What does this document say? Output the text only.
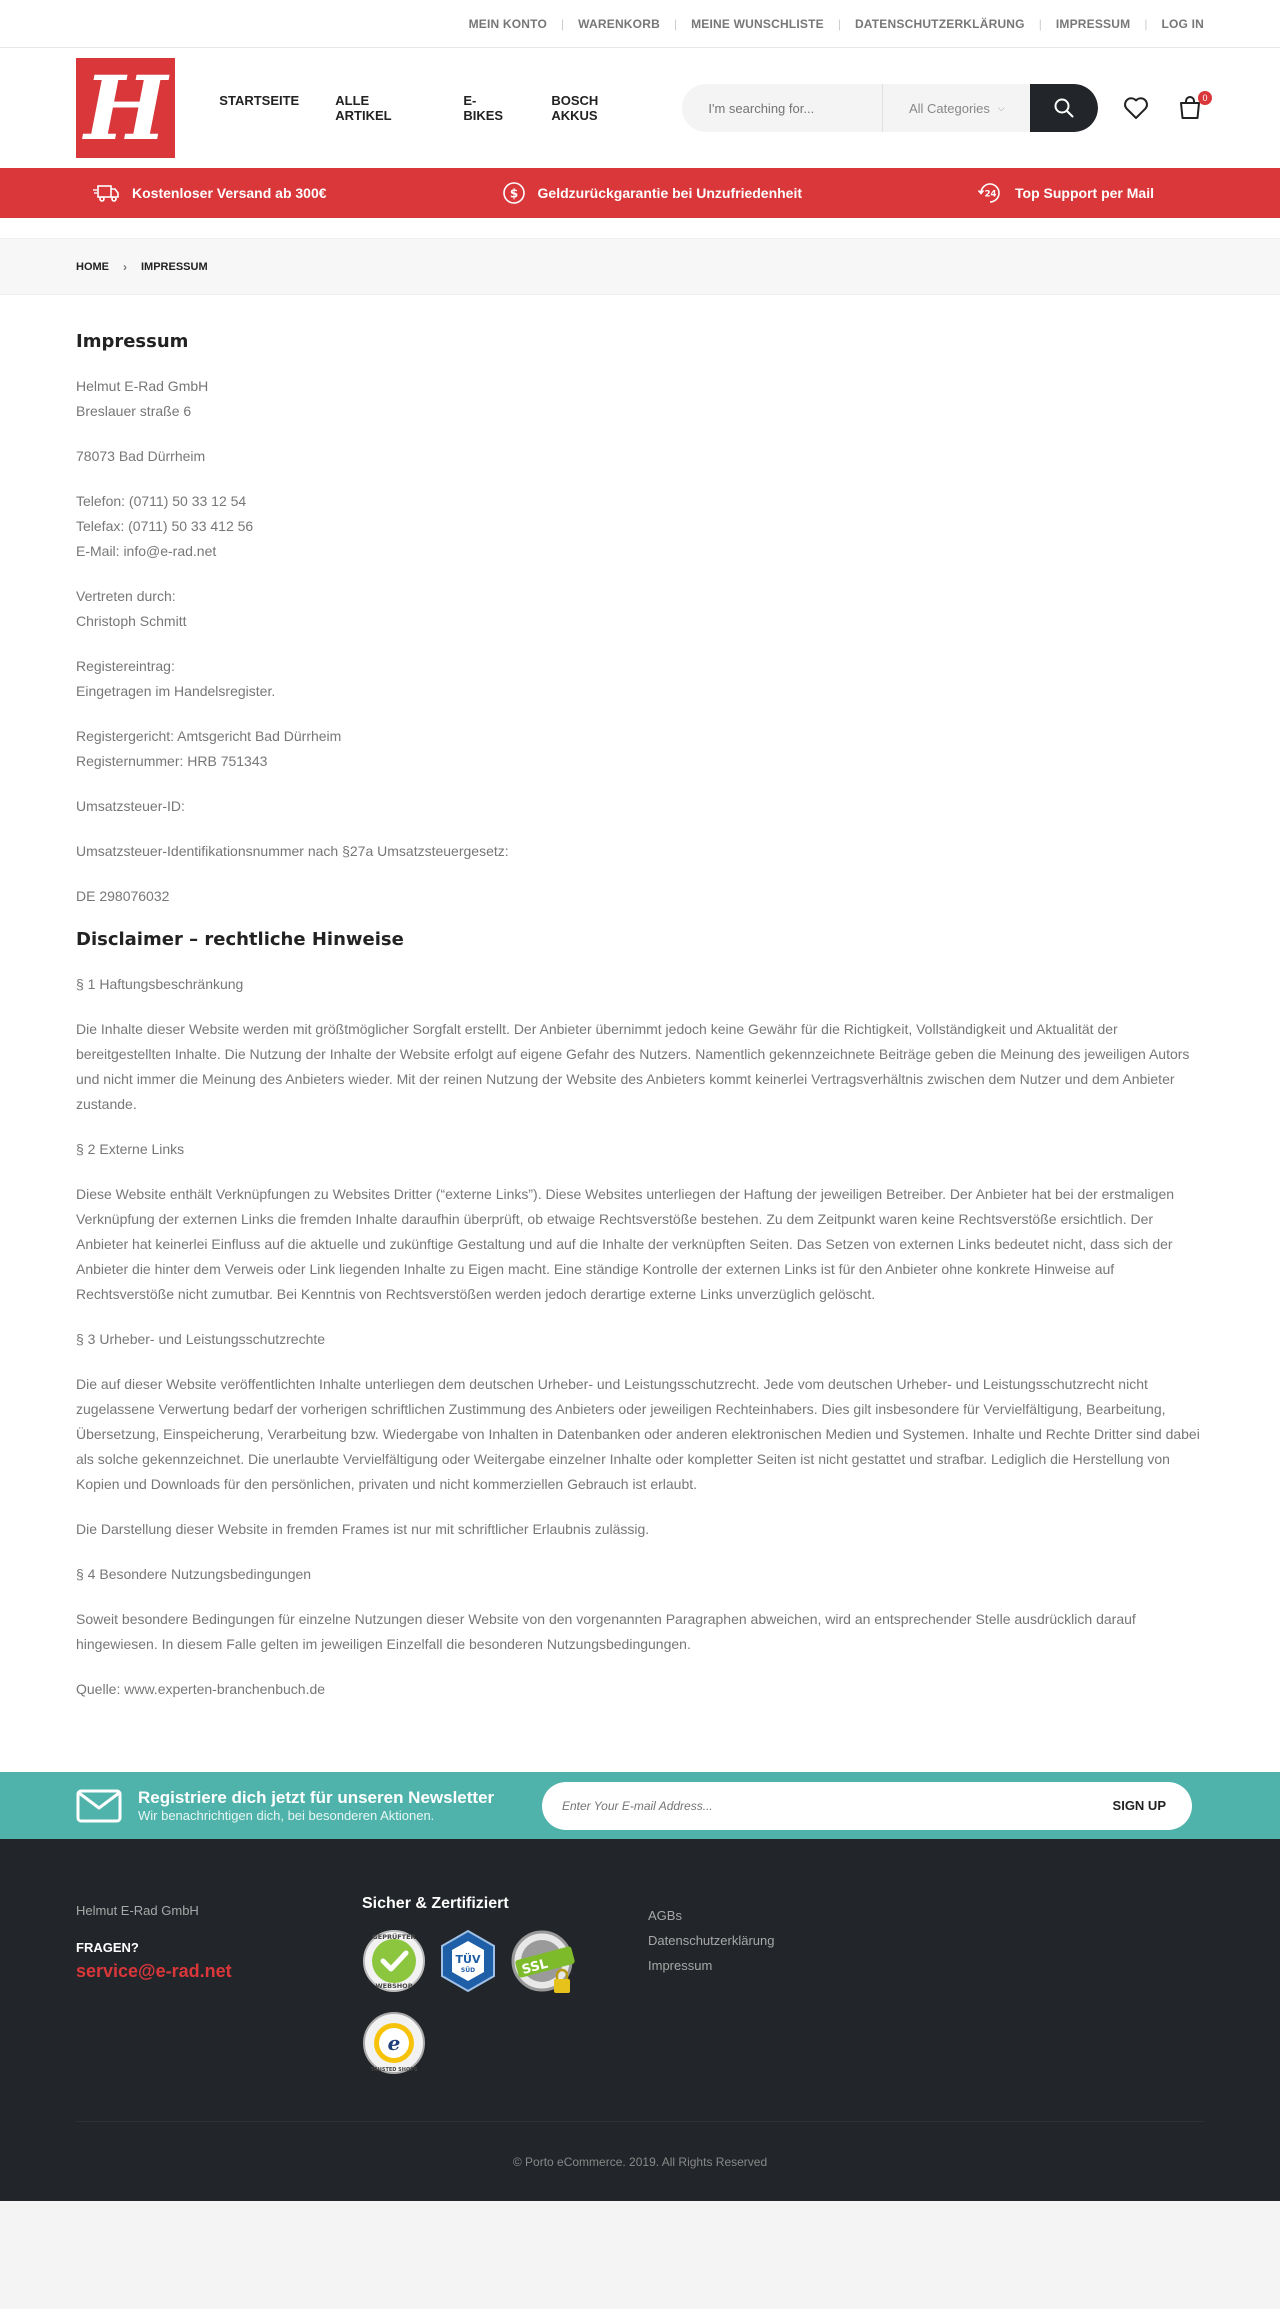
MEIN KONTO | WARENKORB | MEINE WUNSCHLISTE | DATENSCHUTZERKLÄRUNG | IMPRESSUM | LOG IN
H	STARTSEITE	ALLE ARTIKEL
E-BIKES
BOSCH AKKUS
I'm searching for...	All Categories ⌵
0
Kostenloser Versand ab 300€	$ Geldzurückgarantie bei Unzufriedenheit	24 Top Support per Mail
HOME › IMPRESSUM
Impressum

Helmut E-Rad GmbH
Breslauer straße 6

78073 Bad Dürrheim

Telefon: (0711) 50 33 12 54
Telefax: (0711) 50 33 412 56
E-Mail: info@e-rad.net

Vertreten durch:
Christoph Schmitt

Registereintrag:
Eingetragen im Handelsregister.

Registergericht: Amtsgericht Bad Dürrheim
Registernummer: HRB 751343

Umsatzsteuer-ID:

Umsatzsteuer-Identifikationsnummer nach §27a Umsatzsteuergesetz:

DE 298076032

Disclaimer – rechtliche Hinweise

§ 1 Haftungsbeschränkung

Die Inhalte dieser Website werden mit größtmöglicher Sorgfalt erstellt. Der Anbieter übernimmt jedoch keine Gewähr für die Richtigkeit, Vollständigkeit und Aktualität der bereitgestellten Inhalte. Die Nutzung der Inhalte der Website erfolgt auf eigene Gefahr des Nutzers. Namentlich gekennzeichnete Beiträge geben die Meinung des jeweiligen Autors und nicht immer die Meinung des Anbieters wieder. Mit der reinen Nutzung der Website des Anbieters kommt keinerlei Vertragsverhältnis zwischen dem Nutzer und dem Anbieter zustande.

§ 2 Externe Links

Diese Website enthält Verknüpfungen zu Websites Dritter (“externe Links”). Diese Websites unterliegen der Haftung der jeweiligen Betreiber. Der Anbieter hat bei der erstmaligen Verknüpfung der externen Links die fremden Inhalte daraufhin überprüft, ob etwaige Rechtsverstöße bestehen. Zu dem Zeitpunkt waren keine Rechtsverstöße ersichtlich. Der Anbieter hat keinerlei Einfluss auf die aktuelle und zukünftige Gestaltung und auf die Inhalte der verknüpften Seiten. Das Setzen von externen Links bedeutet nicht, dass sich der Anbieter die hinter dem Verweis oder Link liegenden Inhalte zu Eigen macht. Eine ständige Kontrolle der externen Links ist für den Anbieter ohne konkrete Hinweise auf Rechtsverstöße nicht zumutbar. Bei Kenntnis von Rechtsverstößen werden jedoch derartige externe Links unverzüglich gelöscht.

§ 3 Urheber- und Leistungsschutzrechte

Die auf dieser Website veröffentlichten Inhalte unterliegen dem deutschen Urheber- und Leistungsschutzrecht. Jede vom deutschen Urheber- und Leistungsschutzrecht nicht zugelassene Verwertung bedarf der vorherigen schriftlichen Zustimmung des Anbieters oder jeweiligen Rechteinhabers. Dies gilt insbesondere für Vervielfältigung, Bearbeitung, Übersetzung, Einspeicherung, Verarbeitung bzw. Wiedergabe von Inhalten in Datenbanken oder anderen elektronischen Medien und Systemen. Inhalte und Rechte Dritter sind dabei als solche gekennzeichnet. Die unerlaubte Vervielfältigung oder Weitergabe einzelner Inhalte oder kompletter Seiten ist nicht gestattet und strafbar. Lediglich die Herstellung von Kopien und Downloads für den persönlichen, privaten und nicht kommerziellen Gebrauch ist erlaubt.

Die Darstellung dieser Website in fremden Frames ist nur mit schriftlicher Erlaubnis zulässig.

§ 4 Besondere Nutzungsbedingungen

Soweit besondere Bedingungen für einzelne Nutzungen dieser Website von den vorgenannten Paragraphen abweichen, wird an entsprechender Stelle ausdrücklich darauf hingewiesen. In diesem Falle gelten im jeweiligen Einzelfall die besonderen Nutzungsbedingungen.

Quelle: www.experten-branchenbuch.de

Registriere dich jetzt für unseren Newsletter
Wir benachrichtigen dich, bei besonderen Aktionen.
Enter Your E-mail Address...
SIGN UP
Helmut E-Rad GmbH
FRAGEN?
service@e-rad.net
Sicher & Zertifiziert
GEPRÜFTER
WEBSHOP
TÜV
SÜD	SSL
e
TRUSTED SHOPS
AGBs
Datenschutzerklärung
Impressum
© Porto eCommerce. 2019. All Rights Reserved
